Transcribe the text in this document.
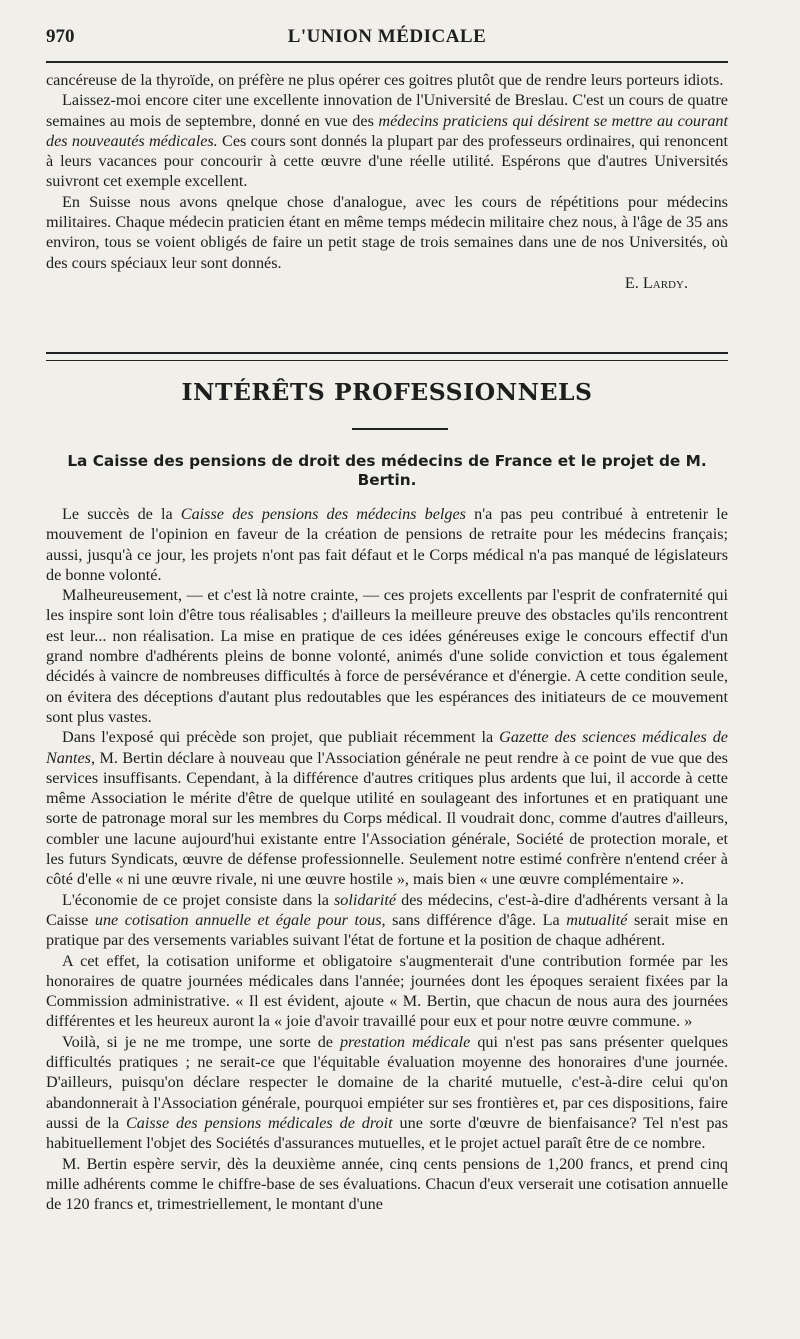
970	L'UNION MÉDICALE

cancéreuse de la thyroïde, on préfère ne plus opérer ces goitres plutôt que de rendre leurs porteurs idiots.

Laissez-moi encore citer une excellente innovation de l'Université de Breslau. C'est un cours de quatre semaines au mois de septembre, donné en vue des médecins praticiens qui désirent se mettre au courant des nouveautés médicales. Ces cours sont donnés la plupart par des professeurs ordinaires, qui renoncent à leurs vacances pour concourir à cette œuvre d'une réelle utilité. Espérons que d'autres Universités suivront cet exemple excellent.

En Suisse nous avons qnelque chose d'analogue, avec les cours de répétitions pour médecins militaires. Chaque médecin praticien étant en même temps médecin militaire chez nous, à l'âge de 35 ans environ, tous se voient obligés de faire un petit stage de trois semaines dans une de nos Universités, où des cours spéciaux leur sont donnés.

E. Lardy.
INTÉRÊTS PROFESSIONNELS
La Caisse des pensions de droit des médecins de France et le projet de M. Bertin.

Le succès de la Caisse des pensions des médecins belges n'a pas peu contribué à entretenir le mouvement de l'opinion en faveur de la création de pensions de retraite pour les médecins français; aussi, jusqu'à ce jour, les projets n'ont pas fait défaut et le Corps médical n'a pas manqué de législateurs de bonne volonté.

Malheureusement, — et c'est là notre crainte, — ces projets excellents par l'esprit de confraternité qui les inspire sont loin d'être tous réalisables ; d'ailleurs la meilleure preuve des obstacles qu'ils rencontrent est leur... non réalisation. La mise en pratique de ces idées généreuses exige le concours effectif d'un grand nombre d'adhérents pleins de bonne volonté, animés d'une solide conviction et tous également décidés à vaincre de nombreuses difficultés à force de persévérance et d'énergie. A cette condition seule, on évitera des déceptions d'autant plus redoutables que les espérances des initiateurs de ce mouvement sont plus vastes.

Dans l'exposé qui précède son projet, que publiait récemment la Gazette des sciences médicales de Nantes, M. Bertin déclare à nouveau que l'Association générale ne peut rendre à ce point de vue que des services insuffisants. Cependant, à la différence d'autres critiques plus ardents que lui, il accorde à cette même Association le mérite d'être de quelque utilité en soulageant des infortunes et en pratiquant une sorte de patronage moral sur les membres du Corps médical. Il voudrait donc, comme d'autres d'ailleurs, combler une lacune aujourd'hui existante entre l'Association générale, Société de protection morale, et les futurs Syndicats, œuvre de défense professionnelle. Seulement notre estimé confrère n'entend créer à côté d'elle « ni une œuvre rivale, ni une œuvre hostile », mais bien « une œuvre complémentaire ».

L'économie de ce projet consiste dans la solidarité des médecins, c'est-à-dire d'adhérents versant à la Caisse une cotisation annuelle et égale pour tous, sans différence d'âge. La mutualité serait mise en pratique par des versements variables suivant l'état de fortune et la position de chaque adhérent.

A cet effet, la cotisation uniforme et obligatoire s'augmenterait d'une contribution formée par les honoraires de quatre journées médicales dans l'année; journées dont les époques seraient fixées par la Commission administrative. « Il est évident, ajoute « M. Bertin, que chacun de nous aura des journées différentes et les heureux auront la « joie d'avoir travaillé pour eux et pour notre œuvre commune. »

Voilà, si je ne me trompe, une sorte de prestation médicale qui n'est pas sans présenter quelques difficultés pratiques ; ne serait-ce que l'équitable évaluation moyenne des honoraires d'une journée. D'ailleurs, puisqu'on déclare respecter le domaine de la charité mutuelle, c'est-à-dire celui qu'on abandonnerait à l'Association générale, pourquoi empiéter sur ses frontières et, par ces dispositions, faire aussi de la Caisse des pensions médicales de droit une sorte d'œuvre de bienfaisance? Tel n'est pas habituellement l'objet des Sociétés d'assurances mutuelles, et le projet actuel paraît être de ce nombre.

M. Bertin espère servir, dès la deuxième année, cinq cents pensions de 1,200 francs, et prend cinq mille adhérents comme le chiffre-base de ses évaluations. Chacun d'eux verserait une cotisation annuelle de 120 francs et, trimestriellement, le montant d'une
